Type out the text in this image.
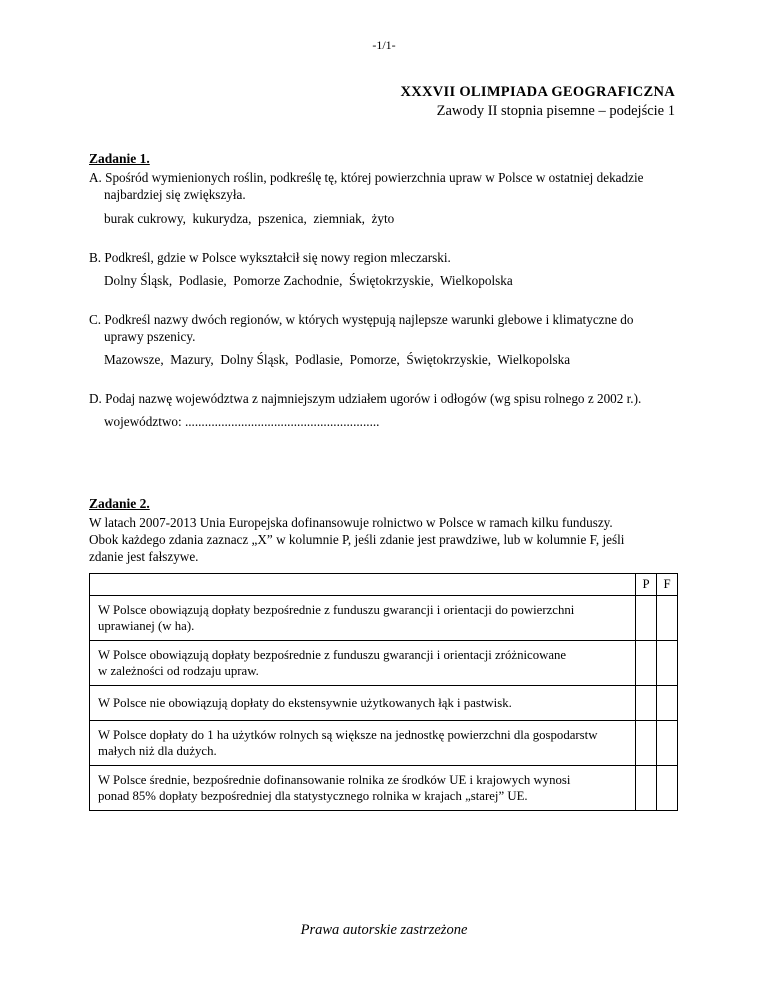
-1/1-
XXXVII OLIMPIADA GEOGRAFICZNA
Zawody II stopnia pisemne – podejście 1
Zadanie 1.
A. Spośród wymienionych roślin, podkreślę tę, której powierzchnia upraw w Polsce w ostatniej dekadzie
najbardziej się zwiększyła.
burak cukrowy,  kukurydza,  pszenica,  ziemniak,  żyto
B. Podkreśl, gdzie w Polsce wykształcił się nowy region mleczarski.
Dolny Śląsk,  Podlasie,  Pomorze Zachodnie,  Świętokrzyskie,  Wielkopolska
C. Podkreśl nazwy dwóch regionów, w których występują najlepsze warunki glebowe i klimatyczne do
uprawy pszenicy.
Mazowsze,  Mazury,  Dolny Śląsk,  Podlasie,  Pomorze,  Świętokrzyskie,  Wielkopolska
D. Podaj nazwę województwa z najmniejszym udziałem ugorów i odłogów (wg spisu rolnego z 2002 r.).
województwo: ...........................................................
Zadanie 2.
W latach 2007-2013 Unia Europejska dofinansowuje rolnictwo w Polsce w ramach kilku funduszy.
Obok każdego zdania zaznacz „X” w kolumnie P, jeśli zdanie jest prawdziwe, lub w kolumnie F, jeśli
zdanie jest fałszywe.
	P	F

W Polsce obowiązują dopłaty bezpośrednie z funduszu gwarancji i orientacji do powierzchni
uprawianej (w ha).		

W Polsce obowiązują dopłaty bezpośrednie z funduszu gwarancji i orientacji zróżnicowane
w zależności od rodzaju upraw.		

W Polsce nie obowiązują dopłaty do ekstensywnie użytkowanych łąk i pastwisk.		

W Polsce dopłaty do 1 ha użytków rolnych są większe na jednostkę powierzchni dla gospodarstw
małych niż dla dużych.		

W Polsce średnie, bezpośrednie dofinansowanie rolnika ze środków UE i krajowych wynosi
ponad 85% dopłaty bezpośredniej dla statystycznego rolnika w krajach „starej” UE.		

Prawa autorskie zastrzeżone
